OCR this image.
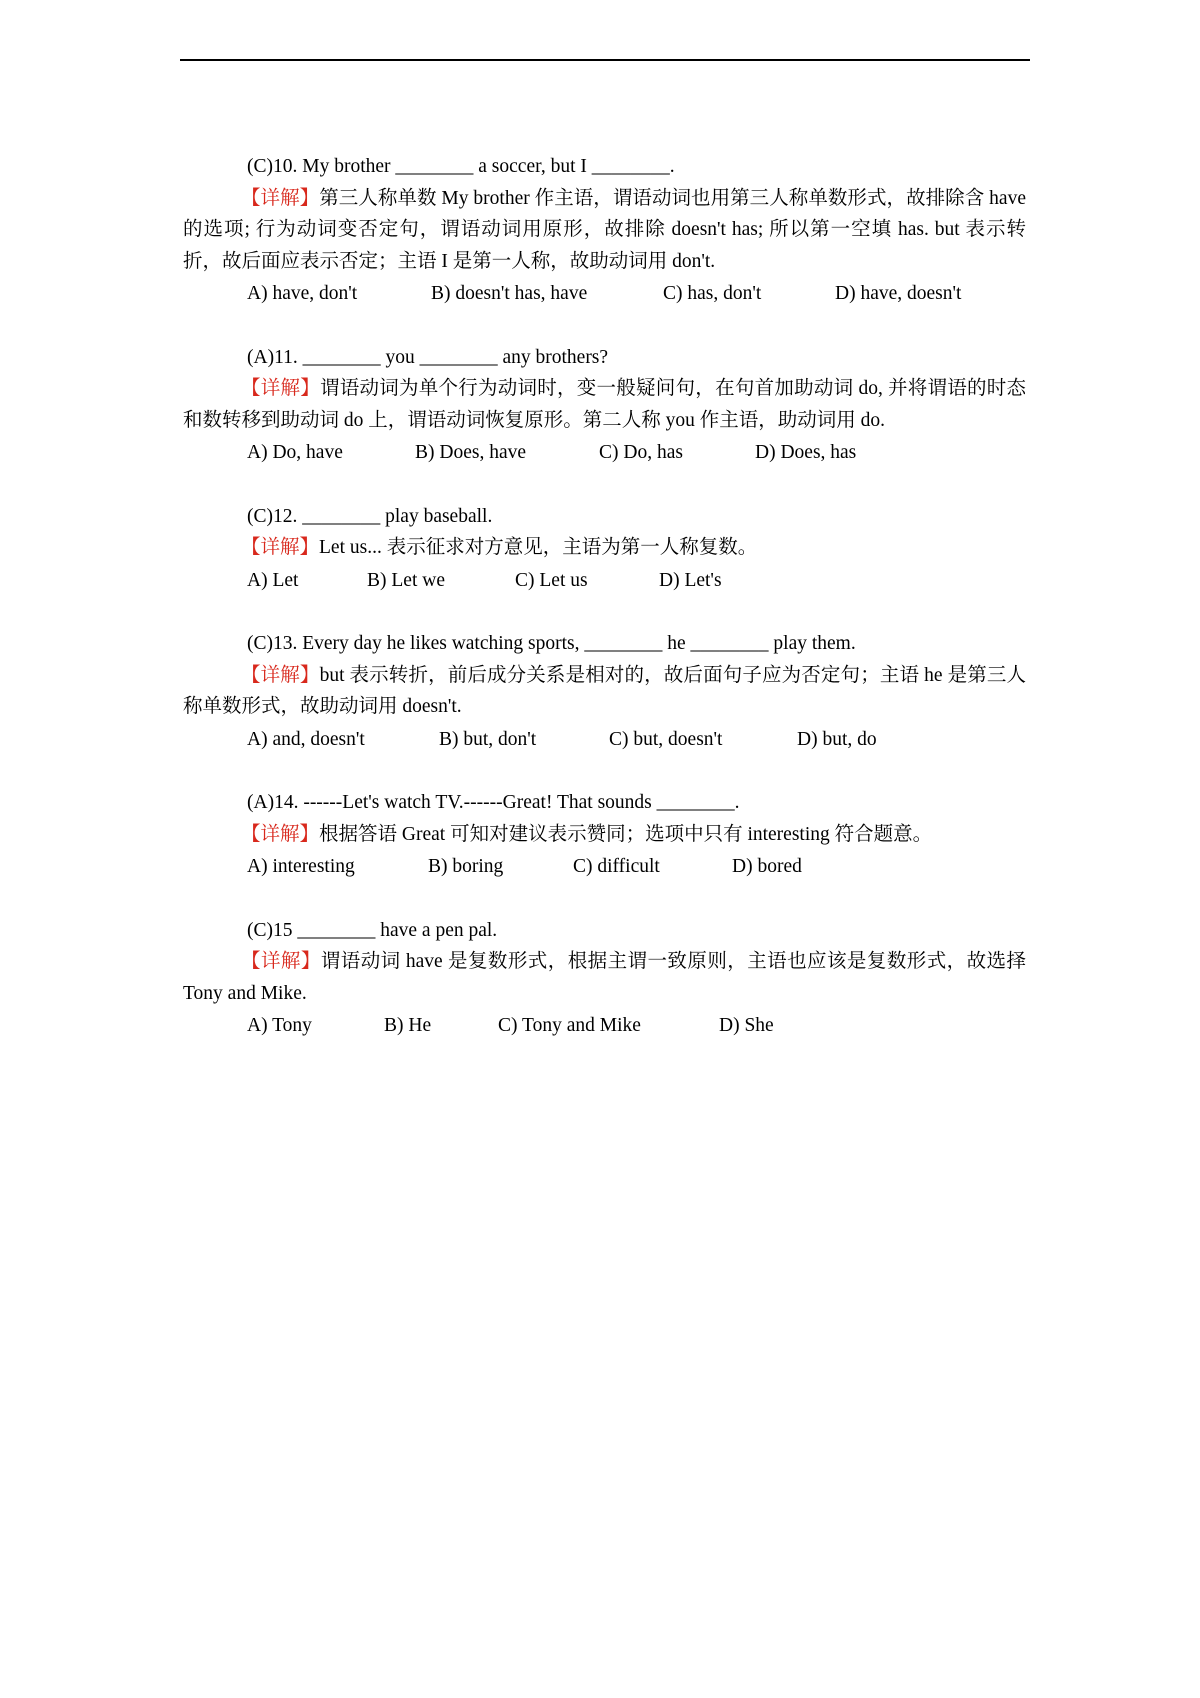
(C)10. My brother ________ a soccer, but I ________.
【详解】第三人称单数 My brother 作主语，谓语动词也用第三人称单数形式，故排除含 have 的选项; 行为动词变否定句，谓语动词用原形，故排除 doesn't has; 所以第一空填 has. but 表示转折，故后面应表示否定；主语 I 是第一人称，故助动词用 don't.
A) have, don't	B) doesn't has, have	C) has, don't	D) have, doesn't
(A)11. ________ you ________ any brothers?
【详解】谓语动词为单个行为动词时，变一般疑问句，在句首加助动词 do, 并将谓语的时态和数转移到助动词 do 上，谓语动词恢复原形。第二人称 you 作主语，助动词用 do.
A) Do, have	B) Does, have	C) Do, has	D) Does, has
(C)12. ________ play baseball.
【详解】Let us... 表示征求对方意见，主语为第一人称复数。
A) Let	B) Let we	C) Let us	D) Let's
(C)13. Every day he likes watching sports, ________ he ________ play them.
【详解】but 表示转折，前后成分关系是相对的，故后面句子应为否定句；主语 he 是第三人称单数形式，故助动词用 doesn't.
A) and, doesn't	B) but, don't	C) but, doesn't	D) but, do
(A)14. ------Let's watch TV.------Great! That sounds ________.
【详解】根据答语 Great 可知对建议表示赞同；选项中只有 interesting 符合题意。
A) interesting	B) boring	C) difficult	D) bored
(C)15 ________ have a pen pal.
【详解】谓语动词 have 是复数形式，根据主谓一致原则，主语也应该是复数形式，故选择 Tony and Mike.
A) Tony	B) He	C) Tony and Mike	D) She
